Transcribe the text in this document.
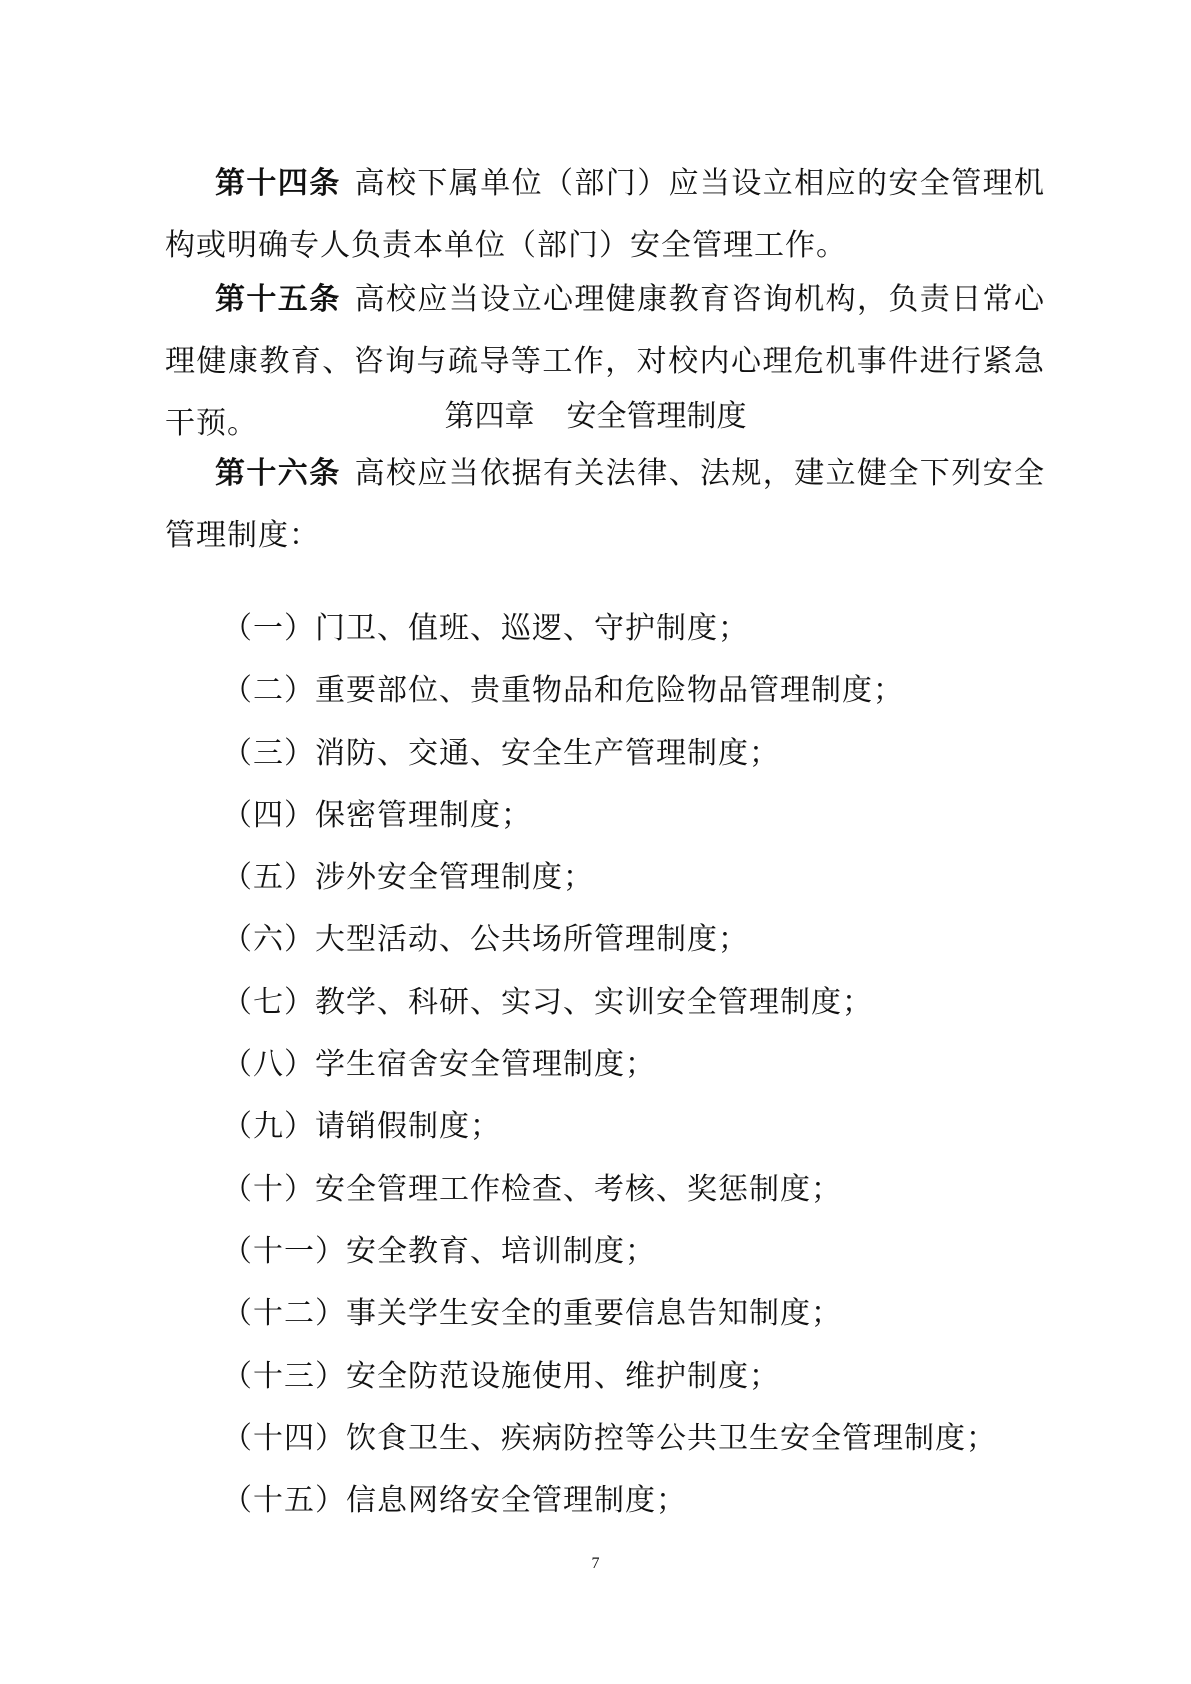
第十四条 高校下属单位（部门）应当设立相应的安全管理机构或明确专人负责本单位（部门）安全管理工作。

第十五条 高校应当设立心理健康教育咨询机构，负责日常心理健康教育、咨询与疏导等工作，对校内心理危机事件进行紧急干预。	第四章 安全管理制度

第十六条 高校应当依据有关法律、法规，建立健全下列安全管理制度：

（一）门卫、值班、巡逻、守护制度；
（二）重要部位、贵重物品和危险物品管理制度；
（三）消防、交通、安全生产管理制度；
（四）保密管理制度；
（五）涉外安全管理制度；
（六）大型活动、公共场所管理制度；
（七）教学、科研、实习、实训安全管理制度；
（八）学生宿舍安全管理制度；
（九）请销假制度；
（十）安全管理工作检查、考核、奖惩制度；
（十一）安全教育、培训制度；
（十二）事关学生安全的重要信息告知制度；
（十三）安全防范设施使用、维护制度；
（十四）饮食卫生、疾病防控等公共卫生安全管理制度；
（十五）信息网络安全管理制度；
7
